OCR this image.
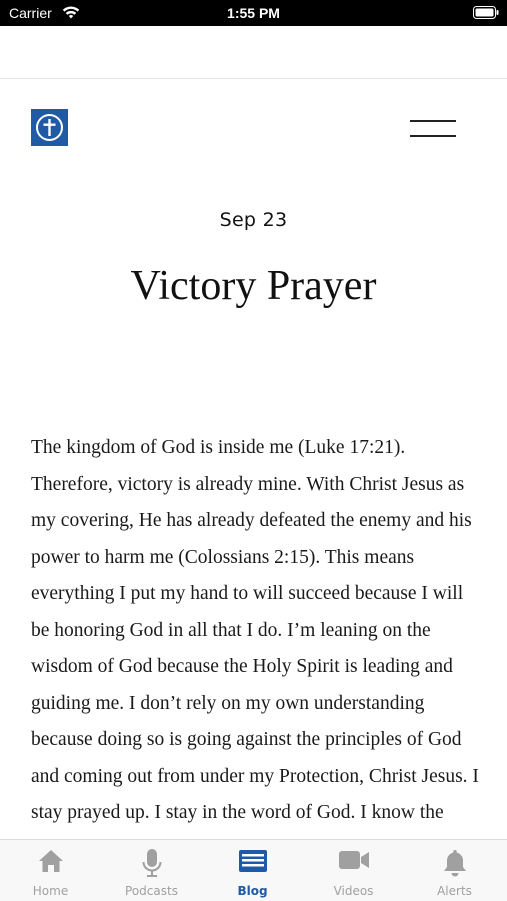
Carrier	1:55 PM
Sep 23
Victory Prayer

The kingdom of God is inside me (Luke 17:21). Therefore, victory is already mine. With Christ Jesus as my covering, He has already defeated the enemy and his power to harm me (Colossians 2:15). This means everything I put my hand to will succeed because I will be honoring God in all that I do. I’m leaning on the wisdom of God because the Holy Spirit is leading and guiding me. I don’t rely on my own understanding because doing so is going against the principles of God and coming out from under my Protection, Christ Jesus. I stay prayed up. I stay in the word of God. I know the

Home	Podcasts	Blog	Videos	Alerts
